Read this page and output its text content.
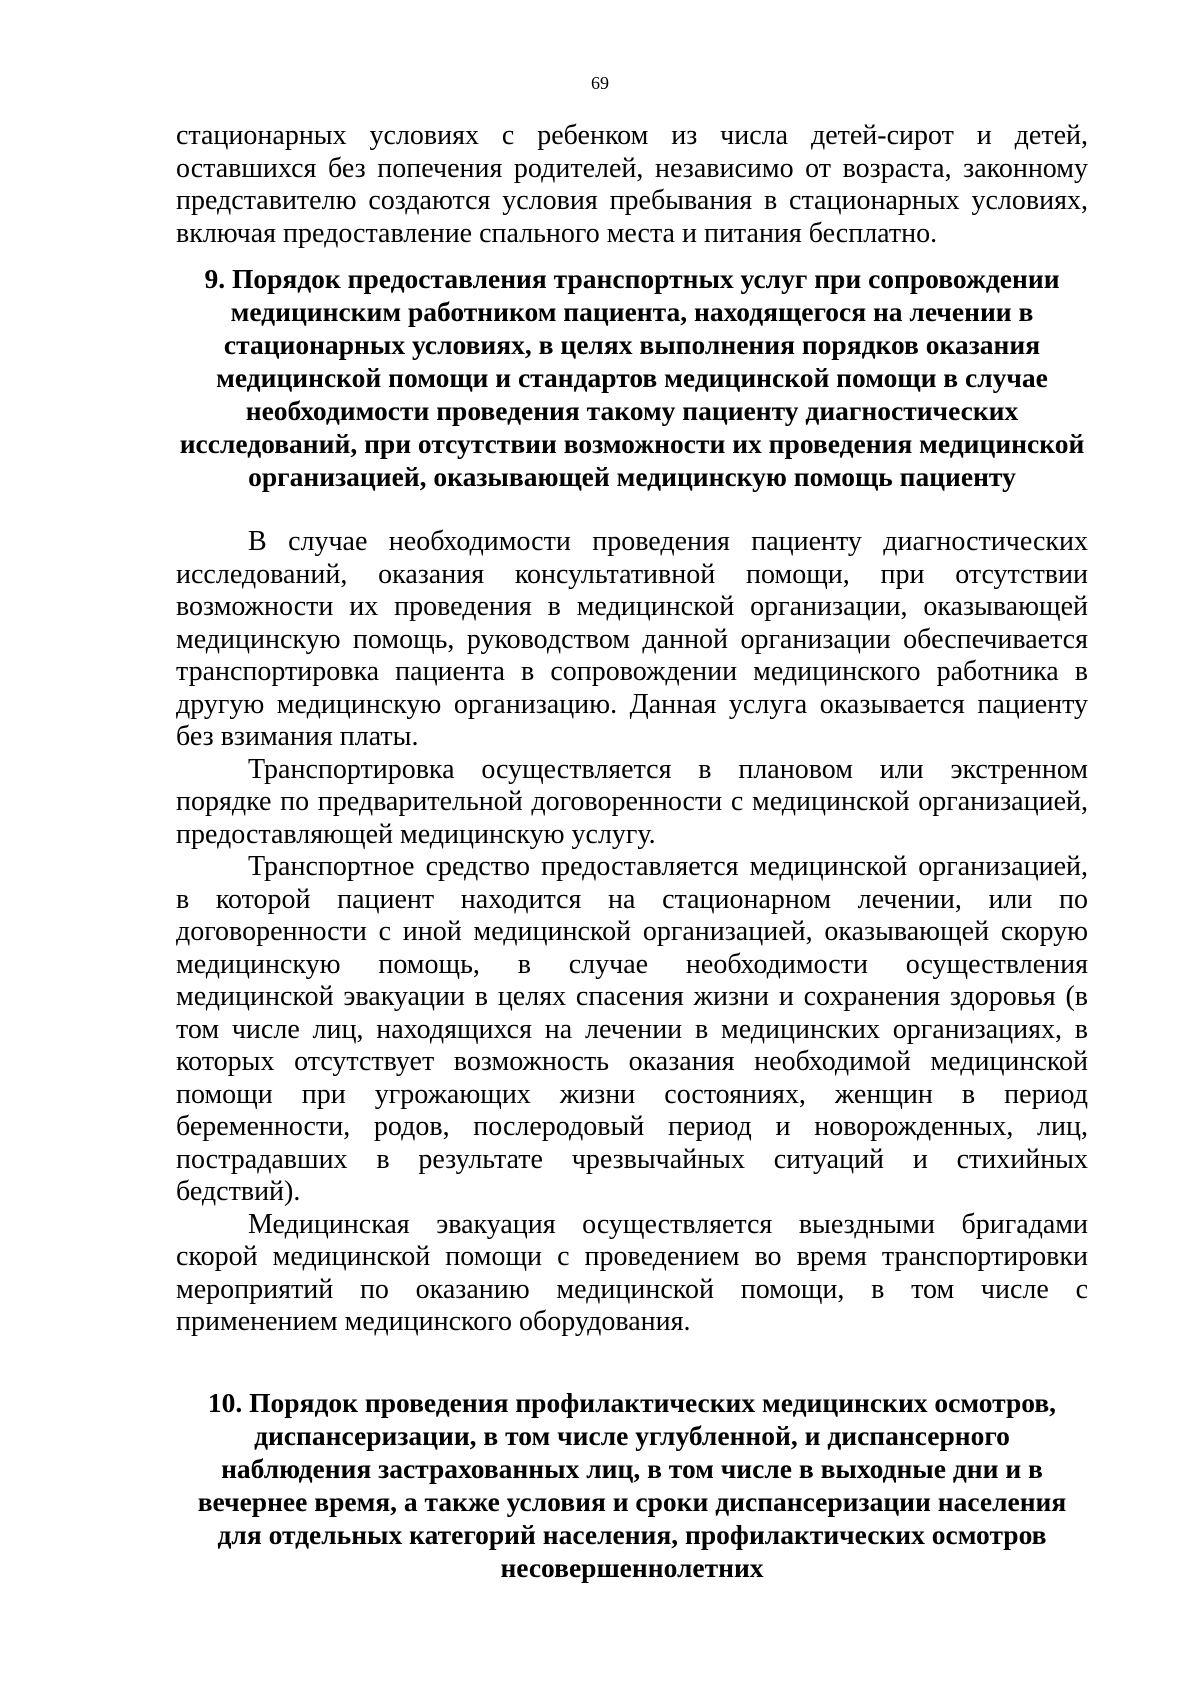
69

стационарных условиях с ребенком из числа детей-сирот и детей, оставшихся без попечения родителей, независимо от возраста, законному представителю создаются условия пребывания в стационарных условиях, включая предоставление спального места и питания бесплатно.

9. Порядок предоставления транспортных услуг при сопровождении медицинским работником пациента, находящегося на лечении в стационарных условиях, в целях выполнения порядков оказания медицинской помощи и стандартов медицинской помощи в случае необходимости проведения такому пациенту диагностических исследований, при отсутствии возможности их проведения медицинской организацией, оказывающей медицинскую помощь пациенту

В случае необходимости проведения пациенту диагностических исследований, оказания консультативной помощи, при отсутствии возможности их проведения в медицинской организации, оказывающей медицинскую помощь, руководством данной организации обеспечивается транспортировка пациента в сопровождении медицинского работника в другую медицинскую организацию. Данная услуга оказывается пациенту без взимания платы.

Транспортировка осуществляется в плановом или экстренном порядке по предварительной договоренности с медицинской организацией, предоставляющей медицинскую услугу.

Транспортное средство предоставляется медицинской организацией, в которой пациент находится на стационарном лечении, или по договоренности с иной медицинской организацией, оказывающей скорую медицинскую помощь, в случае необходимости осуществления медицинской эвакуации в целях спасения жизни и сохранения здоровья (в том числе лиц, находящихся на лечении в медицинских организациях, в которых отсутствует возможность оказания необходимой медицинской помощи при угрожающих жизни состояниях, женщин в период беременности, родов, послеродовый период и новорожденных, лиц, пострадавших в результате чрезвычайных ситуаций и стихийных бедствий).

Медицинская эвакуация осуществляется выездными бригадами скорой медицинской помощи с проведением во время транспортировки мероприятий по оказанию медицинской помощи, в том числе с применением медицинского оборудования.

10. Порядок проведения профилактических медицинских осмотров, диспансеризации, в том числе углубленной, и диспансерного наблюдения застрахованных лиц, в том числе в выходные дни и в вечернее время, а также условия и сроки диспансеризации населения для отдельных категорий населения, профилактических осмотров несовершеннолетних
